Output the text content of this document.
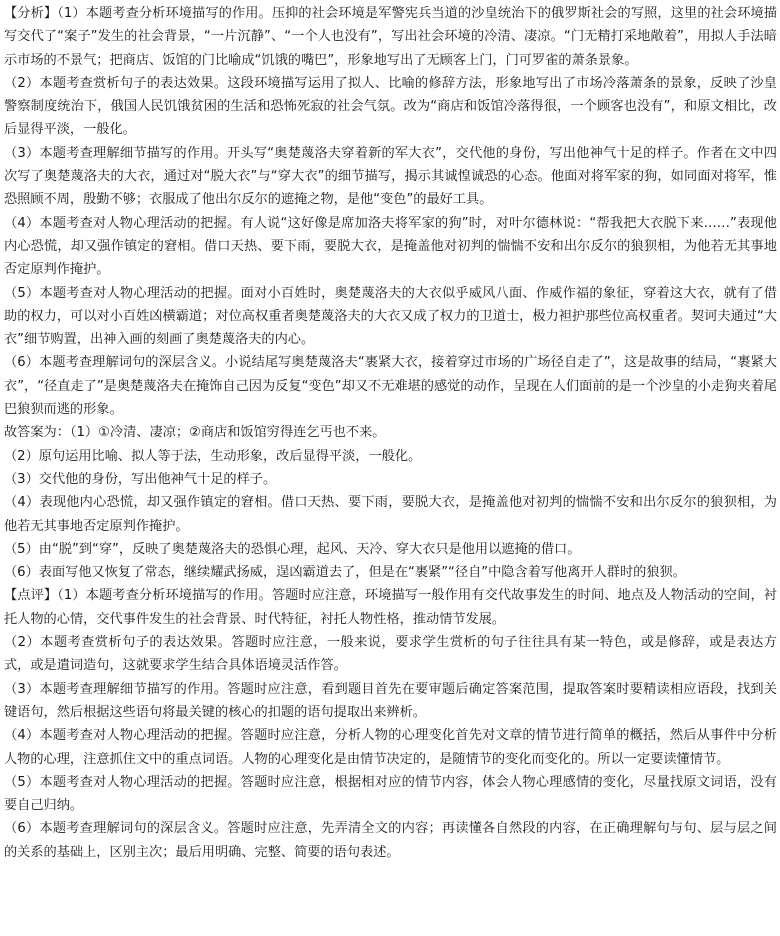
【分析】（1）本题考查分析环境描写的作用。压抑的社会环境是军警宪兵当道的沙皇统治下的俄罗斯社会的写照，这里的社会环境描写交代了“案子”发生的社会背景，“一片沉静”、“一个人也没有”，写出社会环境的冷清、凄凉。“门无精打采地敞着”，用拟人手法暗示市场的不景气；把商店、饭馆的门比喻成“饥饿的嘴巴”，形象地写出了无顾客上门，门可罗雀的萧条景象。

（2）本题考查赏析句子的表达效果。这段环境描写运用了拟人、比喻的修辞方法，形象地写出了市场冷落萧条的景象，反映了沙皇警察制度统治下，俄国人民饥饿贫困的生活和恐怖死寂的社会气氛。改为“商店和饭馆冷落得很，一个顾客也没有”，和原文相比，改后显得平淡，一般化。

（3）本题考查理解细节描写的作用。开头写“奥楚蔑洛夫穿着新的军大衣”，交代他的身份，写出他神气十足的样子。作者在文中四次写了奥楚蔑洛夫的大衣，通过对“脱大衣”与“穿大衣”的细节描写，揭示其诚惶诚恐的心态。他面对将军家的狗，如同面对将军，惟恐照顾不周，殷勤不够；衣服成了他出尔反尔的遮掩之物，是他“变色”的最好工具。

（4）本题考查对人物心理活动的把握。有人说“这好像是席加洛夫将军家的狗”时，对叶尔德林说：“帮我把大衣脱下来……”表现他内心恐慌，却又强作镇定的窘相。借口天热、要下雨，要脱大衣，是掩盖他对初判的惴惴不安和出尔反尔的狼狈相，为他若无其事地否定原判作掩护。

（5）本题考查对人物心理活动的把握。面对小百姓时，奥楚蔑洛夫的大衣似乎威风八面、作威作福的象征，穿着这大衣，就有了借助的权力，可以对小百姓凶横霸道；对位高权重者奥楚蔑洛夫的大衣又成了权力的卫道士，极力袒护那些位高权重者。契诃夫通过“大衣”细节购置，出神入画的刻画了奥楚蔑洛夫的内心。

（6）本题考查理解词句的深层含义。小说结尾写奥楚蔑洛夫“裹紧大衣，接着穿过市场的广场径自走了”，这是故事的结局，“裹紧大衣”，“径直走了”是奥楚蔑洛夫在掩饰自己因为反复“变色”却又不无难堪的感觉的动作，呈现在人们面前的是一个沙皇的小走狗夹着尾巴狼狈而逃的形象。

故答案为：（1）①冷清、凄凉；②商店和饭馆穷得连乞丐也不来。

（2）原句运用比喻、拟人等于法，生动形象，改后显得平淡，一般化。

（3）交代他的身份，写出他神气十足的样子。

（4）表现他内心恐慌，却又强作镇定的窘相。借口天热、要下雨，要脱大衣，是掩盖他对初判的惴惴不安和出尔反尔的狼狈相，为他若无其事地否定原判作掩护。

（5）由“脱”到“穿”，反映了奥楚蔑洛夫的恐惧心理，起风、天冷、穿大衣只是他用以遮掩的借口。

（6）表面写他又恢复了常态，继续耀武扬威，逞凶霸道去了，但是在“裹紧”“径自”中隐含着写他离开人群时的狼狈。

【点评】（1）本题考查分析环境描写的作用。答题时应注意，环境描写一般作用有交代故事发生的时间、地点及人物活动的空间，衬托人物的心情，交代事件发生的社会背景、时代特征，衬托人物性格，推动情节发展。

（2）本题考查赏析句子的表达效果。答题时应注意，一般来说，要求学生赏析的句子往往具有某一特色，或是修辞，或是表达方式，或是遣词造句，这就要求学生结合具体语境灵活作答。

（3）本题考查理解细节描写的作用。答题时应注意，看到题目首先在要审题后确定答案范围，提取答案时要精读相应语段，找到关键语句，然后根据这些语句将最关键的核心的扣题的语句提取出来辨析。

（4）本题考查对人物心理活动的把握。答题时应注意，分析人物的心理变化首先对文章的情节进行简单的概括，然后从事件中分析人物的心理，注意抓住文中的重点词语。人物的心理变化是由情节决定的，是随情节的变化而变化的。所以一定要读懂情节。

（5）本题考查对人物心理活动的把握。答题时应注意，根据相对应的情节内容，体会人物心理感情的变化，尽量找原文词语，没有要自己归纳。

（6）本题考查理解词句的深层含义。答题时应注意，先弄清全文的内容；再读懂各自然段的内容，在正确理解句与句、层与层之间的关系的基础上，区别主次；最后用明确、完整、简要的语句表述。
